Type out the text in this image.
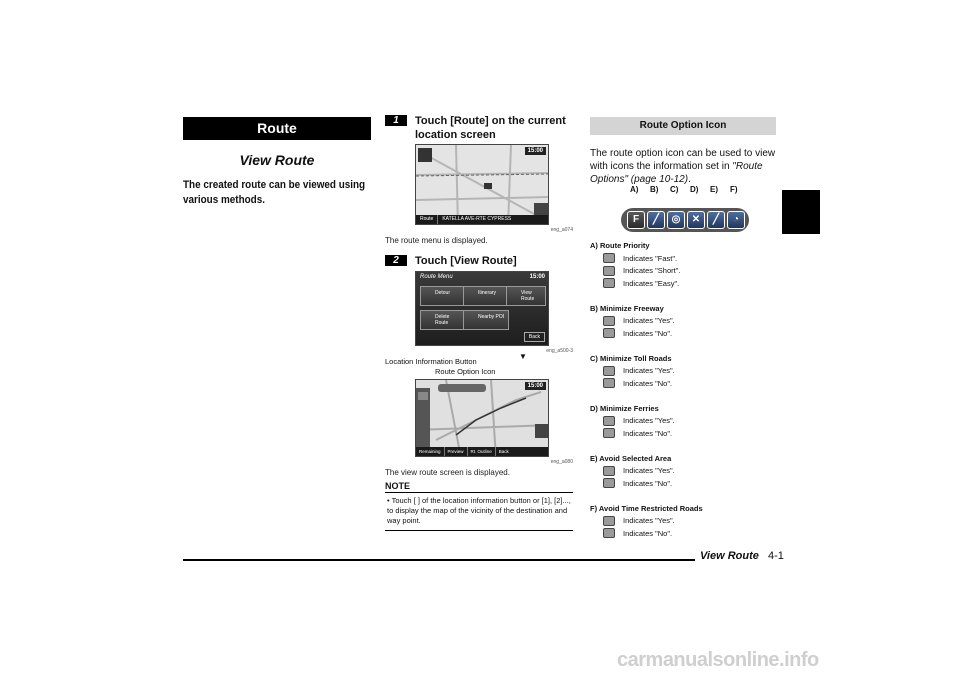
Route
View Route
The created route can be viewed using various methods.
1	Touch [Route] on the current location screen
15:00
Route	KATELLA AVE-RTE CYPRESS
eng_a074
The route menu is displayed.
2	Touch [View Route]
Route Menu	15:00
Detour	Itinerary	View Route
Delete Route
Nearby POI
Back
eng_a500-3
▼
Location Information Button
Route Option Icon
15:00
Remaining	Preview	Rt. Outline	Back
eng_a080
The view route screen is displayed.
NOTE
• Touch [ ] of the location information button or [1], [2]..., to display the map of the vicinity of the destination and way point.
Route Option Icon
The route option icon can be used to view with icons the information set in "Route Options" (page 10-12).
A) B) C) D) E) F)
F	╱	◎	✕	╱	◔
A) Route Priority
Indicates "Fast".
Indicates "Short".
Indicates "Easy".
B) Minimize Freeway
Indicates "Yes".
Indicates "No".
C) Minimize Toll Roads
Indicates "Yes".
Indicates "No".
D) Minimize Ferries
Indicates "Yes".
Indicates "No".
E) Avoid Selected Area
Indicates "Yes".
Indicates "No".
F) Avoid Time Restricted Roads
Indicates "Yes".
Indicates "No".
Route
View Route 4-1
carmanualsonline.info
